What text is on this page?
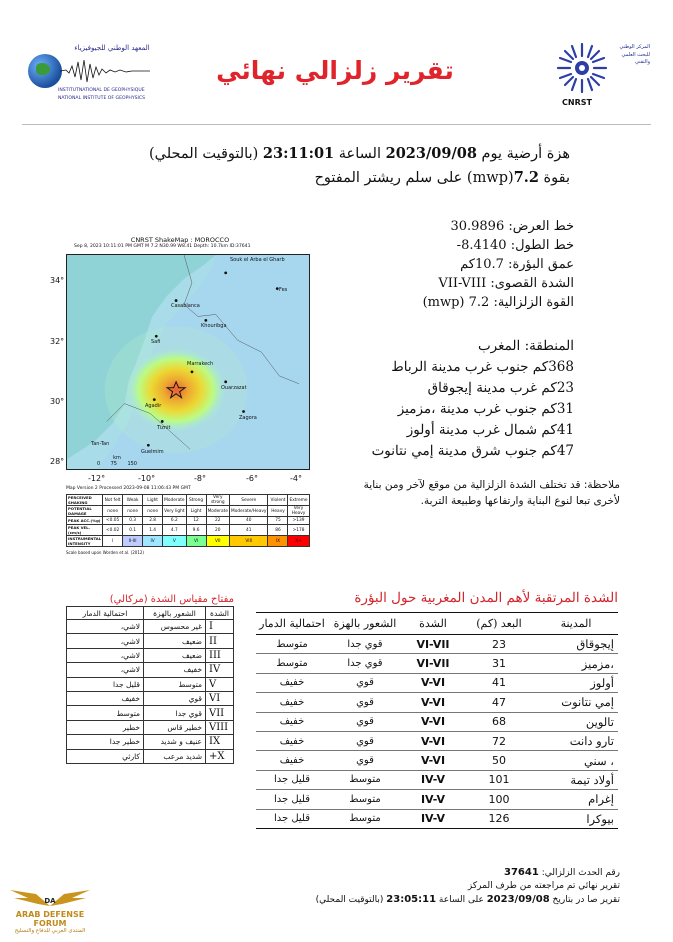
المعهد الوطني للجيوفيزياء
INSTITUTNATIONAL DE GEOPHYSIQUE
NATIONAL INSTITUTE OF GEOPHYSICS
تقرير زلزالي نهائي
المركز الوطني للبحث العلمي والتقني
CNRST
هزة أرضية يوم 2023/09/08 الساعة 23:11:01 (بالتوقيت المحلي)
بقوة 7.2(mwp) على سلم ريشتر المفتوح
خط العرض: 30.9896
خط الطول: 8.4140-
عمق البؤرة: 10.7كم
الشدة القصوى: VII-VIII
القوة الزلزالية: 7.2 (mwp)
المنطقة: المغرب
368كم جنوب غرب مدينة الرباط
23كم غرب مدينة إيجوقاق
31كم جنوب غرب مدينة ،مزميز
41كم شمال غرب مدينة أولوز
47كم جنوب شرق مدينة إمي نتانوت
ملاحظة: قد تختلف الشدة الزلزالية من موقع لآخر ومن بناية
لأخرى تبعا لنوع البناية وارتفاعها وطبيعة التربة.
CNRST ShakeMap : MOROCCO
Sep 8, 2023 10:11:01 PM GMT M 7.2 N30.99 W8.41 Depth: 10.7km ID:37641
34°
32°
30°
28°
Souk el Arba el Gharb
Fes
Casablanca
Khouribga
Safi
Marrakech
Ouarzazat
Agadir
Zagora
Tiznit
Guelmim
Tan-Tan
km
0 75 150
-12°	-10°	-8°	-6°	-4°
Map Version 2 Processed 2023-09-08 11:06:43 PM GMT
PERCEIVED SHAKING	Not felt	Weak	Light	Moderate	Strong	Very strong	Severe	Violent	Extreme
POTENTIAL DAMAGE	none	none	none	Very light	Light	Moderate	Moderate/Heavy	Heavy	Very Heavy
PEAK ACC.(%g)	<0.05	0.3	2.8	6.2	12	22	40	75	>139
PEAK VEL.(cm/s)	<0.02	0.1	1.4	4.7	9.6	20	41	86	>178
INSTRUMENTAL INTENSITY	I	II-III	IV	V	VI	VII	VIII	IX	X+
Scale based upon Worden et al. (2012)
الشدة المرتقبة لأهم المدن المغربية حول البؤرة
المدينة	البعد (كم)	الشدة	الشعور بالهزة	احتمالية الدمار
إيجوقاق	23	VI-VII	قوي جدا	متوسط
،مزميز	31	VI-VII	قوي جدا	متوسط
أولوز	41	V-VI	قوي	خفيف
إمي نتانوت	47	V-VI	قوي	خفيف
تالوين	68	V-VI	قوي	خفيف
تارو دانت	72	V-VI	قوي	خفيف
، سني	50	V-VI	قوي	خفيف
أولاد تيمة	101	IV-V	متوسط	قليل جدا
إغرام	100	IV-V	متوسط	قليل جدا
بيوكرا	126	IV-V	متوسط	قليل جدا
مفتاح مقياس الشدة (مركالي)
الشدة	الشعور بالهزة	احتمالية الدمار
I	غير محسوس	لاشي،
II	ضعيف	لاشي،
III	ضعيف	لاشي،
IV	خفيف	لاشي،
V	متوسط	قليل جدا
VI	قوي	خفيف
VII	قوي جدا	متوسط
VIII	خطير قاس	خطير
IX	عنيف و شديد	خطير جدا
X+	شديد مرعب	كارثي
رقم الحدث الزلزالي: 37641
تقرير نهائي تم مراجعته من طرف المركز
تقرير صا در بتاريخ 2023/09/08 على الساعة 23:05:11 (بالتوقيت المحلي)
DA
ARAB DEFENSE FORUM
المنتدى العربي للدفاع والتسليح
